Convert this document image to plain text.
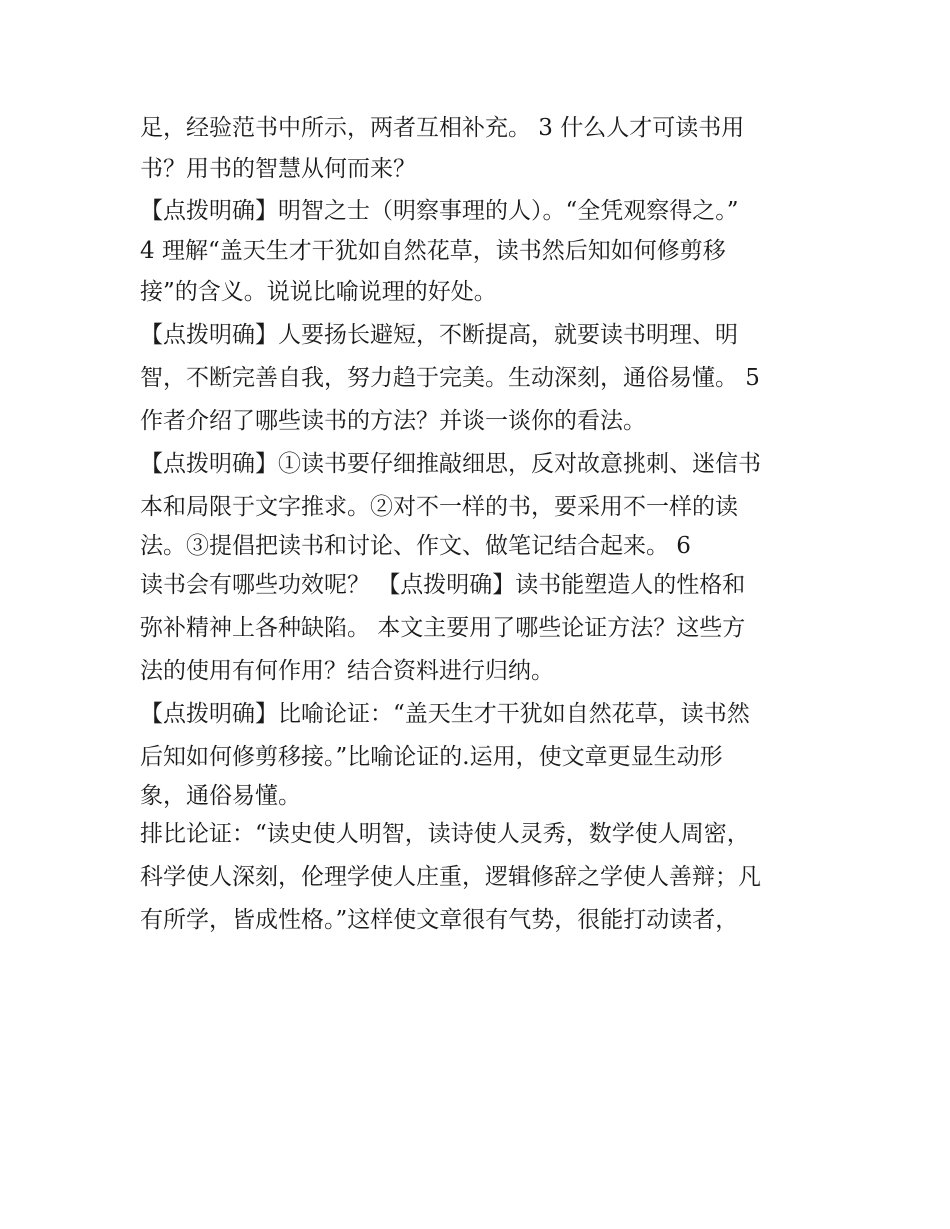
足，经验范书中所示，两者互相补充。 3 什么人才可读书用
书？用书的智慧从何而来？
【点拨明确】明智之士（明察事理的人）。“全凭观察得之。”
4 理解“盖天生才干犹如自然花草，读书然后知如何修剪移
接”的含义。说说比喻说理的好处。
【点拨明确】人要扬长避短，不断提高，就要读书明理、明
智，不断完善自我，努力趋于完美。生动深刻，通俗易懂。 5
作者介绍了哪些读书的方法？并谈一谈你的看法。
【点拨明确】①读书要仔细推敲细思，反对故意挑刺、迷信书
本和局限于文字推求。②对不一样的书，要采用不一样的读
法。③提倡把读书和讨论、作文、做笔记结合起来。 6
读书会有哪些功效呢？ 【点拨明确】读书能塑造人的性格和
弥补精神上各种缺陷。 本文主要用了哪些论证方法？这些方
法的使用有何作用？结合资料进行归纳。
【点拨明确】比喻论证：“盖天生才干犹如自然花草，读书然
后知如何修剪移接。”比喻论证的.运用，使文章更显生动形
象，通俗易懂。
排比论证：“读史使人明智，读诗使人灵秀，数学使人周密，
科学使人深刻，伦理学使人庄重，逻辑修辞之学使人善辩；凡
有所学，皆成性格。”这样使文章很有气势，很能打动读者，
